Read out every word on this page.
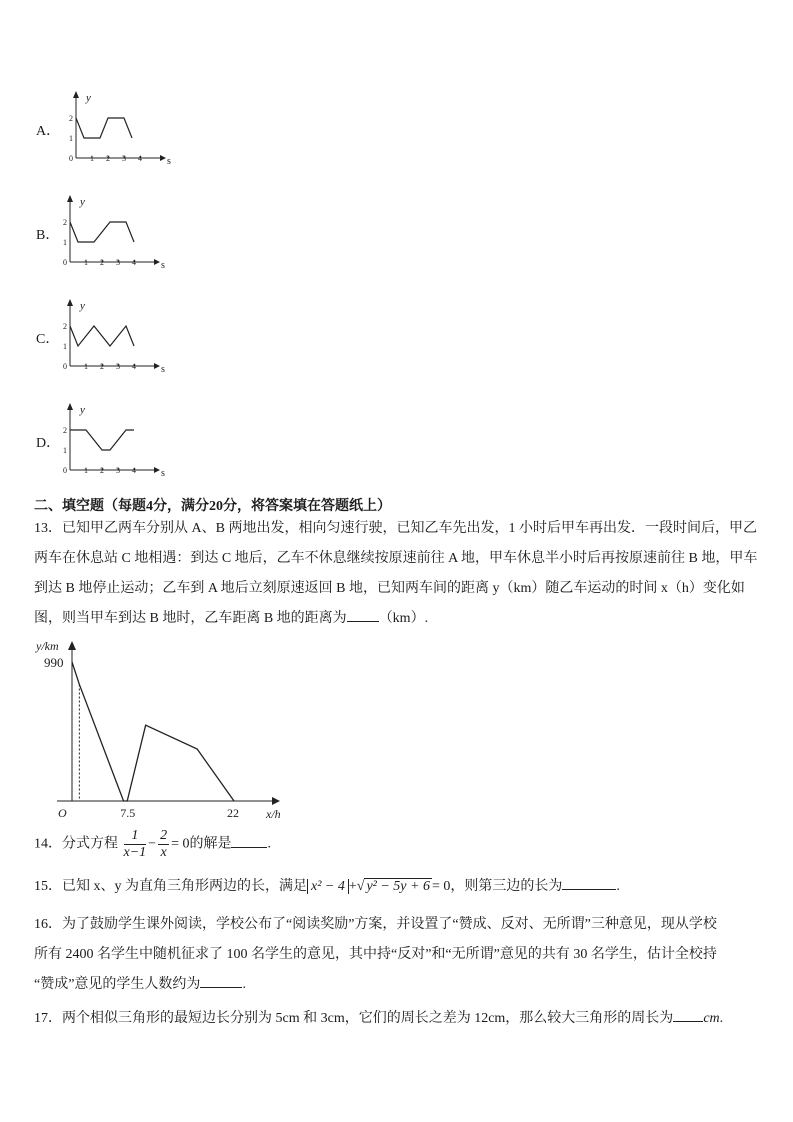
A．
y
s
0 1 2 3 4
1
2
B．
y
s
0 1 2 3 4
1
2
C．
y
s
0 1 2 3 4
1
2
D．
y
s
0 1 2 3 4
1
2
二、填空题（每题4分，满分20分，将答案填在答题纸上）
13．已知甲乙两车分别从 A、B 两地出发，相向匀速行驶，已知乙车先出发，1 小时后甲车再出发．一段时间后，甲乙
两车在休息站 C 地相遇：到达 C 地后，乙车不休息继续按原速前往 A 地，甲车休息半小时后再按原速前往 B 地，甲车
到达 B 地停止运动；乙车到 A 地后立刻原速返回 B 地，已知两车间的距离 y（km）随乙车运动的时间 x（h）变化如
图，则当甲车到达 B 地时，乙车距离 B 地的距离为 （km）.
y/km
x/h
O
990
7.5	22
14．分式方程 $\frac{1}{x-1} - \frac{2}{x} = 0$的解是	.
15．已知 x、y 为直角三角形两边的长，满足 x² − 4 +√ y² − 5y + 6 = 0，则第三边的长为	.
16．为了鼓励学生课外阅读，学校公布了“阅读奖励”方案，并设置了“赞成、反对、无所谓”三种意见，现从学校
所有 2400 名学生中随机征求了 100 名学生的意见，其中持“反对”和“无所谓”意见的共有 30 名学生，估计全校持
“赞成”意见的学生人数约为	.
17．两个相似三角形的最短边长分别为 5cm 和 3cm，它们的周长之差为 12cm，那么较大三角形的周长为 cm.
